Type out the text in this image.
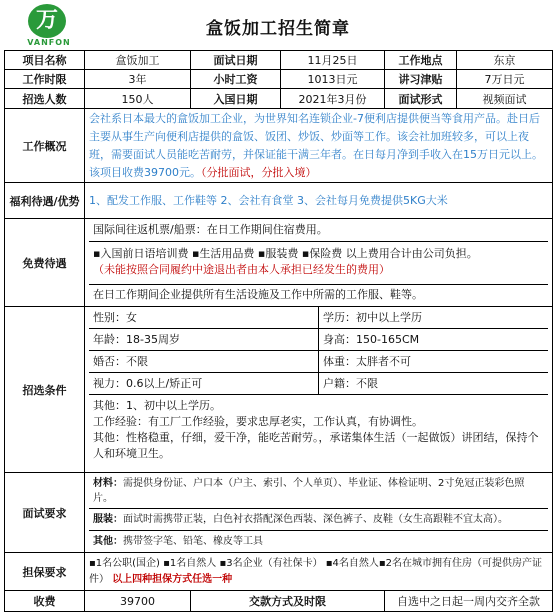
万
VANFON
盒饭加工招生简章
项目名称	盒饭加工	面试日期	11月25日	工作地点	东京
工作时限	3年	小时工资	1013日元	讲习津贴	7万日元
招选人数	150人	入国日期	2021年3月份	面试形式	视频面试
工作概况	会社系日本最大的盒饭加工企业，为世界知名连锁企业-7便利店提供便当等食用产品。赴日后主要从事生产向便利店提供的盒饭、饭团、炒饭、炒面等工作。该会社加班较多，可以上夜班，需要面试人员能吃苦耐劳，并保证能干满三年者。在日每月净到手收入在15万日元以上。该项目收费39700元。（分批面试，分批入境）
福利待遇/优势	1、配发工作服、工作鞋等 2、会社有食堂 3、会社每月免费提供5KG大米
免费待遇	
国际间往返机票/船票：在日工作期间住宿费用。

▪入国前日语培训费 ▪生活用品费 ▪服装费 ▪保险费 以上费用合计由公司负担。
（未能按照合同履约中途退出者由本人承担已经发生的费用）

在日工作期间企业提供所有生活设施及工作中所需的工作服、鞋等。

招选条件	
性别：女	学历：初中以上学历
年龄：18-35周岁	身高：150-165CM
婚否：不限	体重：太胖者不可
视力：0.6以上/矫正可	户籍：不限

其他：1、初中以上学历。
工作经验：有工厂工作经验，要求忠厚老实，工作认真，有协调性。
其他：性格稳重，仔细，爱干净，能吃苦耐劳。，承诺集体生活（一起做饭）讲团结，保持个人和环境卫生。

面试要求	
材料：需提供身份证、户口本（户主、索引、个人单页）、毕业证、体检证明、2寸免冠正装彩色照片。
服装：面试时需携带正装，白色衬衣搭配深色西装、深色裤子、皮鞋（女生高跟鞋不宜太高）。
其他：携带签字笔、铅笔、橡皮等工具

担保要求	▪1名公职(国企) ▪1名自然人 ▪3名企业（有社保卡） ▪4名自然人▪2名在城市拥有住房（可提供房产证件） 以上四种担保方式任选一种
收费	39700	交款方式及时限	自选中之日起一周内交齐全款
